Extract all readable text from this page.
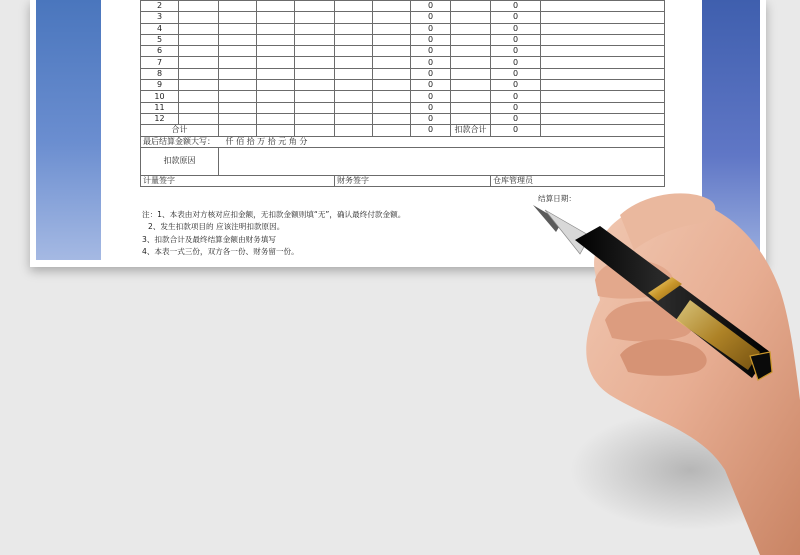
2							0		0	
3							0		0	
4							0		0	
5							0		0	
6							0		0	
7							0		0	
8							0		0	
9							0		0	
10							0		0	
11							0		0	
12							0		0	
合计							0	扣款合计	0	
最后结算金额大写： 仟 佰 拾 万 拾 元 角 分										
扣款原因										
计量签字					财务签字				仓库管理员	
结算日期：
注：1、本表由对方核对应扣金额，无扣款金额则填“无”，确认最终付款金额。
2、发生扣款项目的 应该注明扣款原因。
3、扣款合计及最终结算金额由财务填写
4、本表一式三份，双方各一份、财务留一份。
